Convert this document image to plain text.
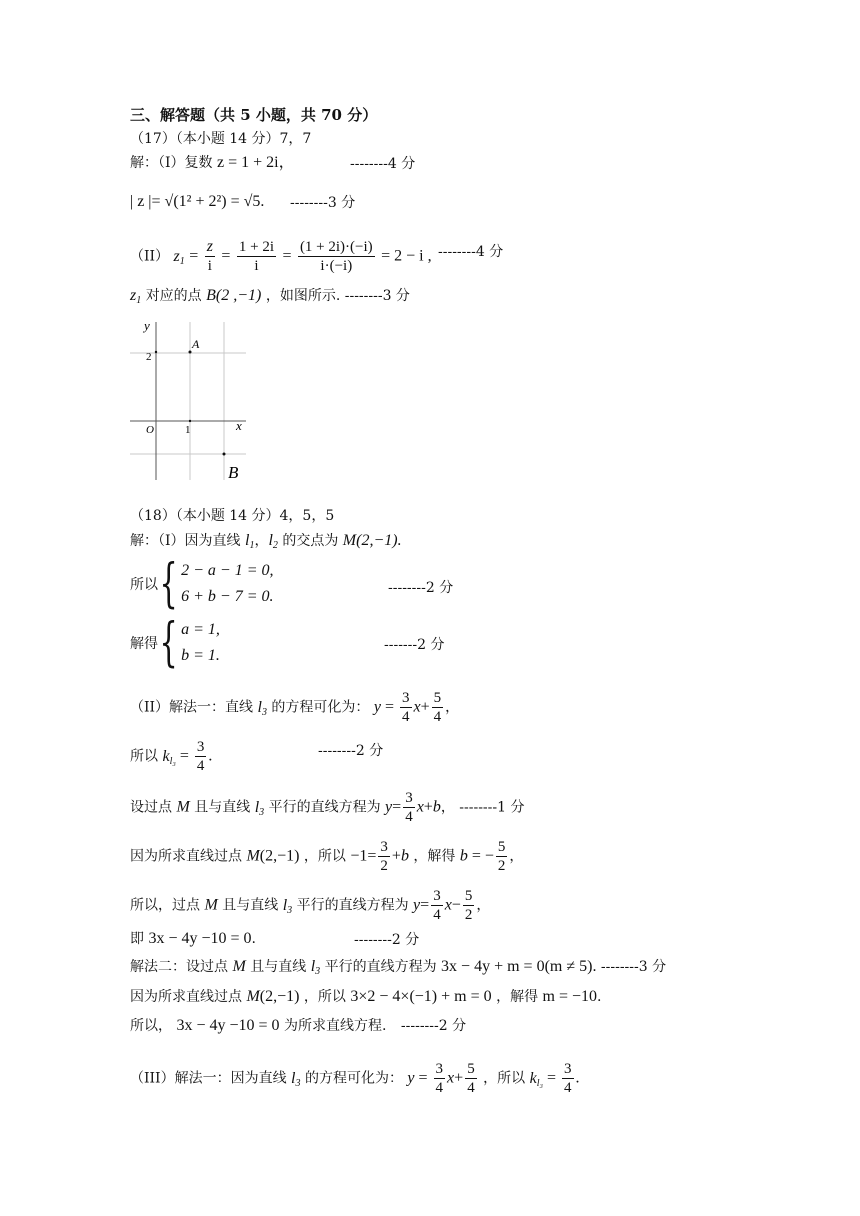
三、解答题（共 5 小题，共 70 分）
（17）（本小题 14 分）7，7
解：（I）复数 z = 1 + 2i，	--------4 分
| z |= √(1² + 2²) = √5. --------3 分
（II） $z_1 = \frac{z}{i} = \frac{1 + 2i}{i} = \frac{(1 + 2i)\cdot(-i)}{i\cdot(-i)} = 2 - i$ , --------4 分
$z_1$ 对应的点 B(2 ,−1) ，如图所示. --------3 分
y
2
A
O	1	x
B
（18）（本小题 14 分）4，5，5
解：（I）因为直线 $l_1$，$l_2$ 的交点为 M(2,−1).
所以 { 2 − a − 1 = 0,
6 + b − 7 = 0.	--------2 分
解得 { a = 1,
b = 1.
-------2 分
（II）解法一：直线 $l_3$ 的方程可化为： $y = \frac{3}{4} x+ \frac{5}{4}$ ，
所以 $k_{l_3} = \frac{3}{4}$ .	--------2 分
设过点 M 且与直线 $l_3$ 平行的直线方程为 $y= \frac{3}{4} x+b$， --------1 分
因为所求直线过点 M(2,−1) ，所以 $-1= \frac{3}{2} +b$ ，解得 b = − $\frac{5}{2}$ ，
所以，过点 M 且与直线 $l_3$ 平行的直线方程为 $y= \frac{3}{4} x- \frac{5}{2}$ ，
即 3x − 4y −10 = 0.	--------2 分
解法二：设过点 M 且与直线 $l_3$ 平行的直线方程为 3x − 4y + m = 0(m ≠ 5). --------3 分
因为所求直线过点 M(2,−1) ，所以 3×2 − 4×(−1) + m = 0 ，解得 m = −10.
所以， 3x − 4y −10 = 0 为所求直线方程. --------2 分
（III）解法一：因为直线 $l_3$ 的方程可化为： $y = \frac{3}{4} x+ \frac{5}{4}$ ，所以 $k_{l_3} = \frac{3}{4}$ .
